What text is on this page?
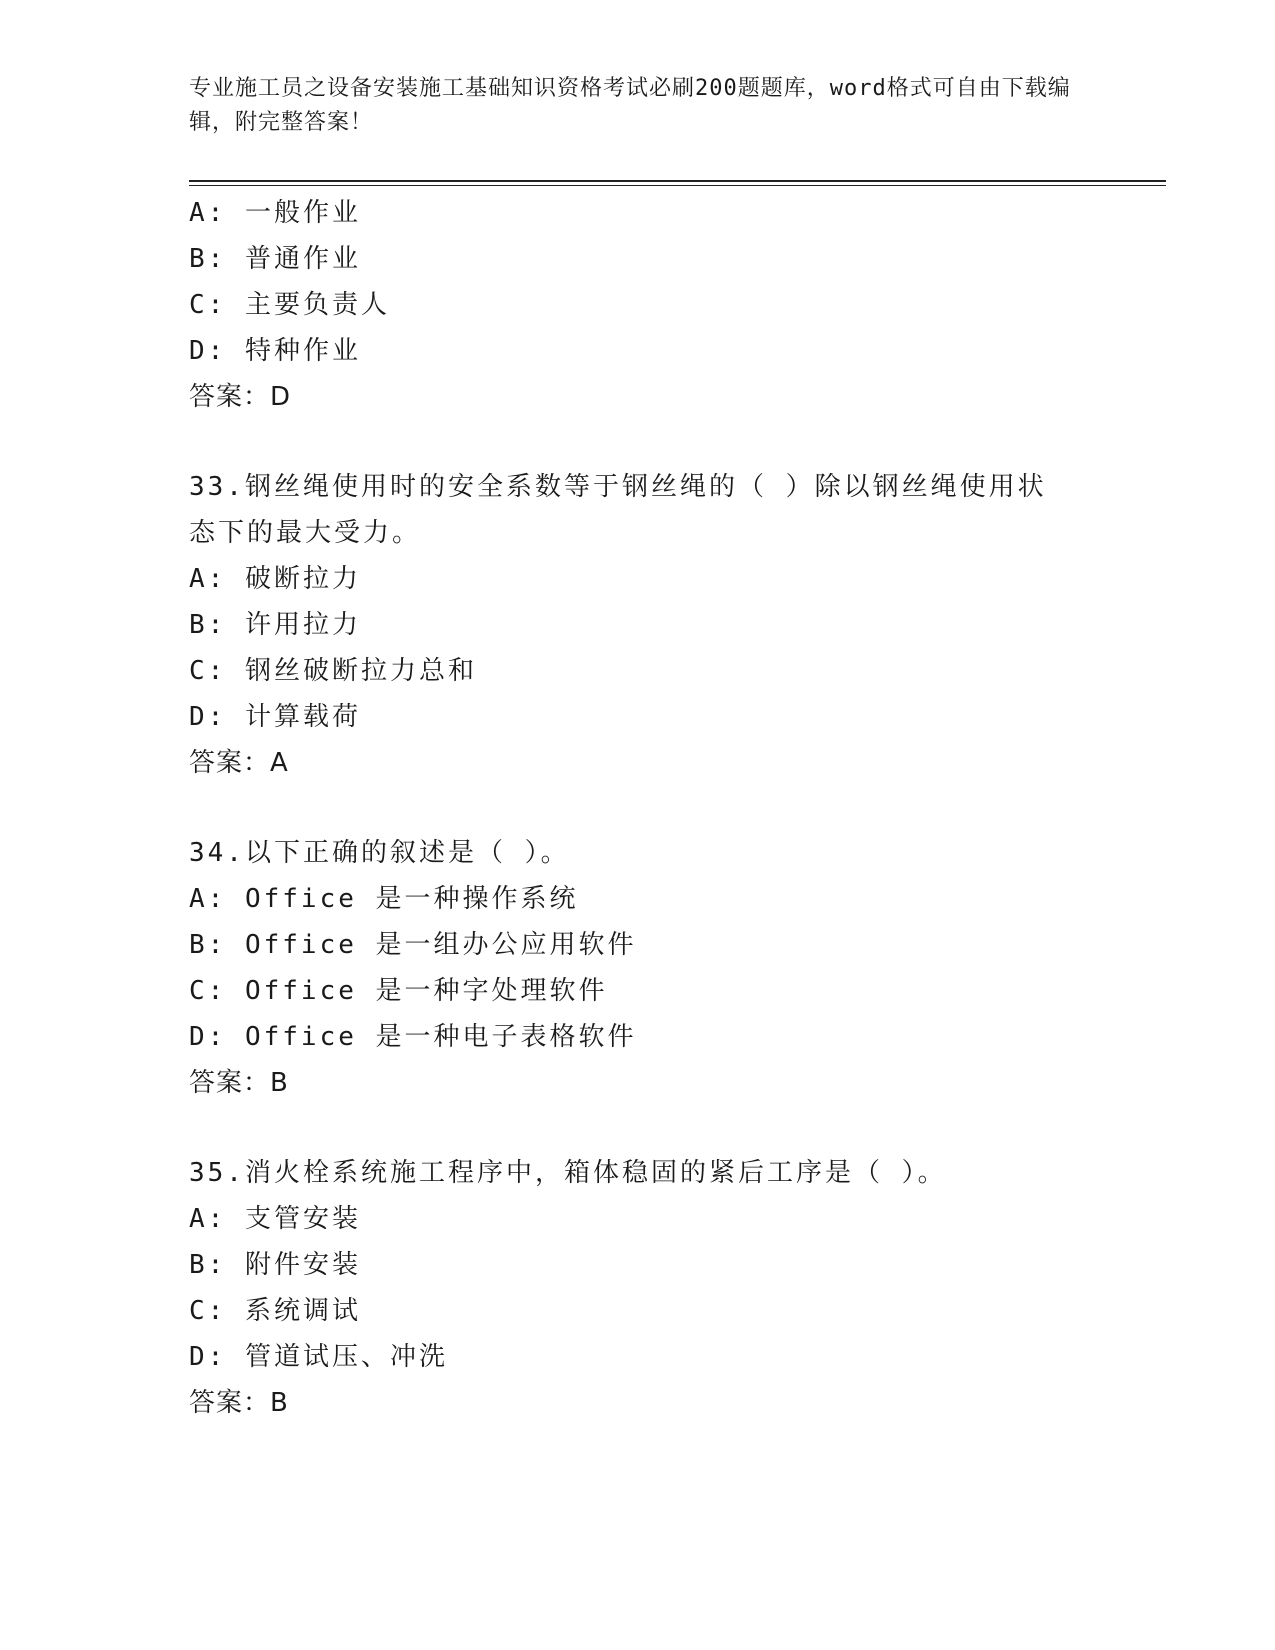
专业施工员之设备安装施工基础知识资格考试必刷200题题库，word格式可自由下载编辑，附完整答案！
A: 一般作业
B: 普通作业
C: 主要负责人
D: 特种作业
答案：D
33.钢丝绳使用时的安全系数等于钢丝绳的（ ）除以钢丝绳使用状态下的最大受力。
A: 破断拉力
B: 许用拉力
C: 钢丝破断拉力总和
D: 计算载荷
答案：A
34.以下正确的叙述是（ ）。
A: Office 是一种操作系统
B: Office 是一组办公应用软件
C: Office 是一种字处理软件
D: Office 是一种电子表格软件
答案：B
35.消火栓系统施工程序中，箱体稳固的紧后工序是（ ）。
A: 支管安装
B: 附件安装
C: 系统调试
D: 管道试压、冲洗
答案：B
